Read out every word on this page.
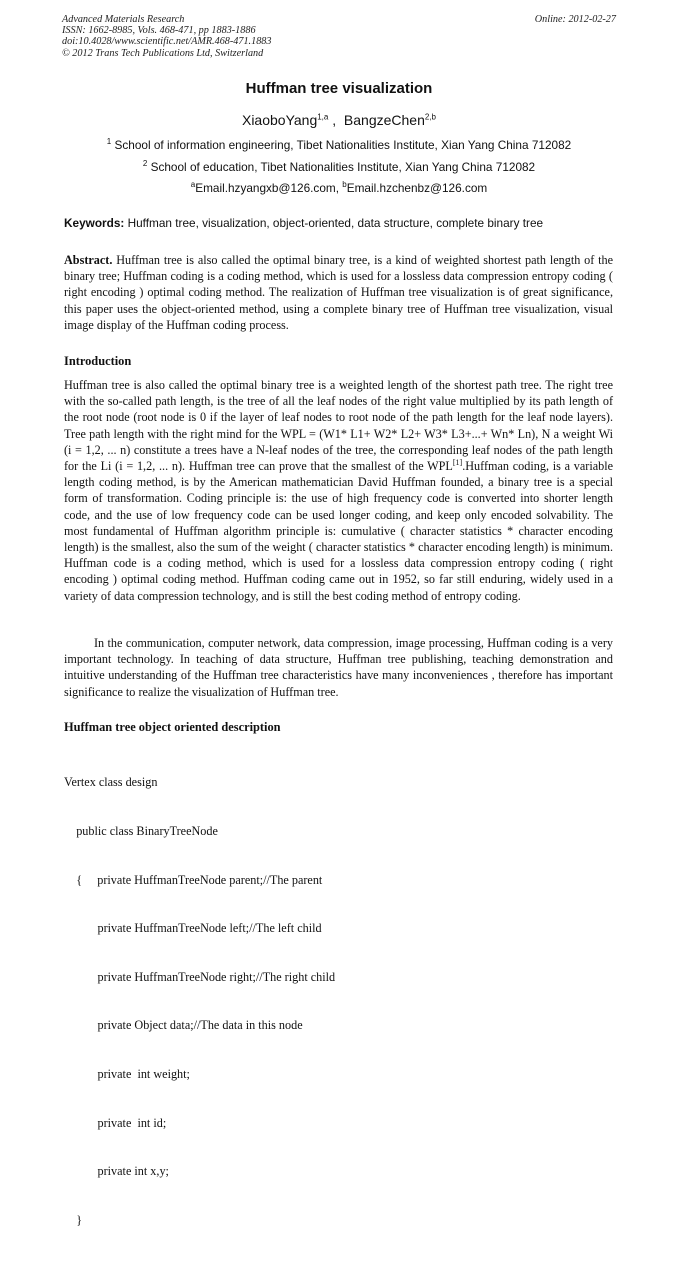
Advanced Materials Research
ISSN: 1662-8985, Vols. 468-471, pp 1883-1886
doi:10.4028/www.scientific.net/AMR.468-471.1883
© 2012 Trans Tech Publications Ltd, Switzerland
Online: 2012-02-27
Huffman tree visualization
XiaoboYang$^{1,a}$ ,  BangzeChen$^{2,b}$
$^1$ School of information engineering, Tibet Nationalities Institute, Xian Yang China 712082
$^2$ School of education, Tibet Nationalities Institute, Xian Yang China 712082
$^a$Email.hzyangxb@126.com, $^b$Email.hzchenbz@126.com
Keywords: Huffman tree, visualization, object-oriented, data structure, complete binary tree
Abstract. Huffman tree is also called the optimal binary tree, is a kind of weighted shortest path length of the binary tree; Huffman coding is a coding method, which is used for a lossless data compression entropy coding ( right encoding ) optimal coding method. The realization of Huffman tree visualization is of great significance, this paper uses the object-oriented method, using a complete binary tree of Huffman tree visualization, visual image display of the Huffman coding process.
Introduction
Huffman tree is also called the optimal binary tree is a weighted length of the shortest path tree. The right tree with the so-called path length, is the tree of all the leaf nodes of the right value multiplied by its path length of the root node (root node is 0 if the layer of leaf nodes to root node of the path length for the leaf node layers). Tree path length with the right mind for the WPL = (W1* L1+ W2* L2+ W3* L3+...+ Wn* Ln), N a weight Wi (i = 1,2, ... n) constitute a trees have a N-leaf nodes of the tree, the corresponding leaf nodes of the path length for the Li (i = 1,2, ... n). Huffman tree can prove that the smallest of the WPL[1].Huffman coding, is a variable length coding method, is by the American mathematician David Huffman founded, a binary tree is a special form of transformation. Coding principle is: the use of high frequency code is converted into shorter length code, and the use of low frequency code can be used longer coding, and keep only encoded solvability. The most fundamental of Huffman algorithm principle is: cumulative ( character statistics * character encoding length) is the smallest, also the sum of the weight ( character statistics * character encoding length) is minimum. Huffman code is a coding method, which is used for a lossless data compression entropy coding ( right encoding ) optimal coding method. Huffman coding came out in 1952, so far still enduring, widely used in a variety of data compression technology, and is still the best coding method of entropy coding.
In the communication, computer network, data compression, image processing, Huffman coding is a very important technology. In teaching of data structure, Huffman tree publishing, teaching demonstration and intuitive understanding of the Huffman tree characteristics have many inconveniences , therefore has important significance to realize the visualization of Huffman tree.
Huffman tree object oriented description

Vertex class design

public class BinaryTreeNode

{     private HuffmanTreeNode parent;//The parent

private HuffmanTreeNode left;//The left child

private HuffmanTreeNode right;//The right child

private Object data;//The data in this node

private  int weight;

private  int id;

private int x,y;

}
